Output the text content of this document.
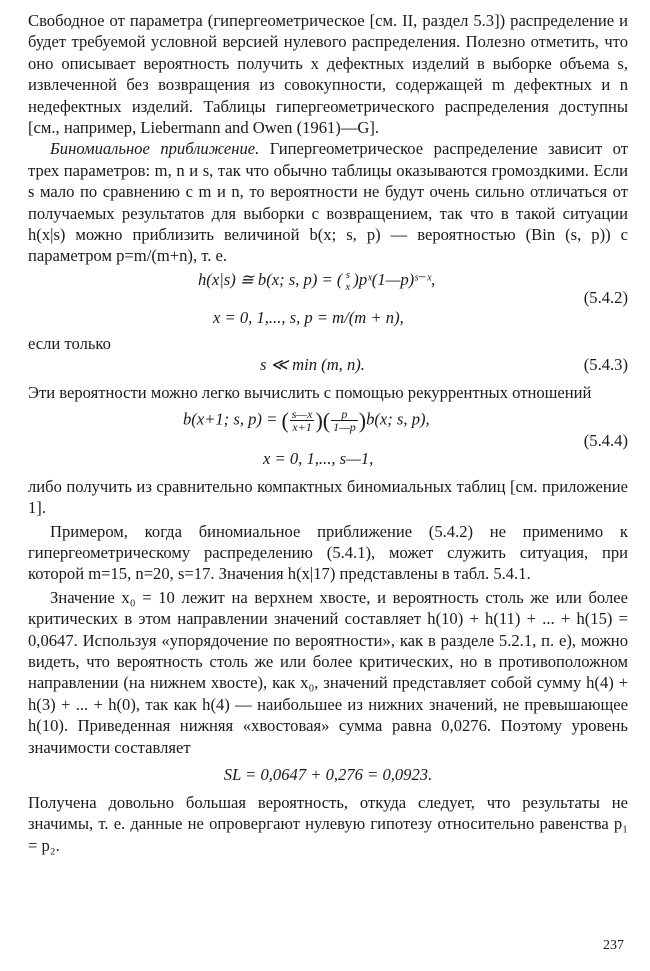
Свободное от параметра (гипергеометрическое [см. II, раздел 5.3]) распределение и будет требуемой условной версией нулевого распределения. Полезно отметить, что оно описывает вероятность получить x дефектных изделий в выборке объема s, извлеченной без возвращения из совокупности, содержащей m дефектных и n недефектных изделий. Таблицы гипергеометрического распределения доступны [см., например, Liebermann and Owen (1961)—G].

Биномиальное приближение. Гипергеометрическое распределение зависит от трех параметров: m, n и s, так что обычно таблицы оказываются громоздкими. Если s мало по сравнению с m и n, то вероятности не будут очень сильно отличаться от получаемых результатов для выборки с возвращением, так что в такой ситуации h(x|s) можно приблизить величиной b(x; s, p) — вероятностью (Bin (s, p)) с параметром p=m/(m+n), т. е.

h(x|s) ≅ b(x; s, p) = ( s
x )pˣ(1—p)ˢ⁻ˣ,
x = 0, 1,..., s, p = m/(m + n),
(5.4.2)

если только

s ≪ min (m, n).	(5.4.3)

Эти вероятности можно легко вычислить с помощью рекуррентных отношений

b(x+1; s, p) = ( $\frac{s—x}{x+1}$ )( $\frac{p}{1—p} )b(x$; s, p),
x = 0, 1,..., s—1,
(5.4.4)

либо получить из сравнительно компактных биномиальных таблиц [см. приложение 1].

Примером, когда биномиальное приближение (5.4.2) не применимо к гипергеометрическому распределению (5.4.1), может служить ситуация, при которой m=15, n=20, s=17. Значения h(x|17) представлены в табл. 5.4.1.

Значение x₀ = 10 лежит на верхнем хвосте, и вероятность столь же или более критических в этом направлении значений составляет h(10) + h(11) + ... + h(15) = 0,0647. Используя «упорядочение по вероятности», как в разделе 5.2.1, п. е), можно видеть, что вероятность столь же или более критических, но в противоположном направлении (на нижнем хвосте), как x₀, значений представляет собой сумму h(4) + h(3) + ... + h(0), так как h(4) — наибольшее из нижних значений, не превышающее h(10). Приведенная нижняя «хвостовая» сумма равна 0,0276. Поэтому уровень значимости составляет

SL = 0,0647 + 0,276 = 0,0923.

Получена довольно большая вероятность, откуда следует, что результаты не значимы, т. е. данные не опровергают нулевую гипотезу относительно равенства p₁ = p₂.

237
